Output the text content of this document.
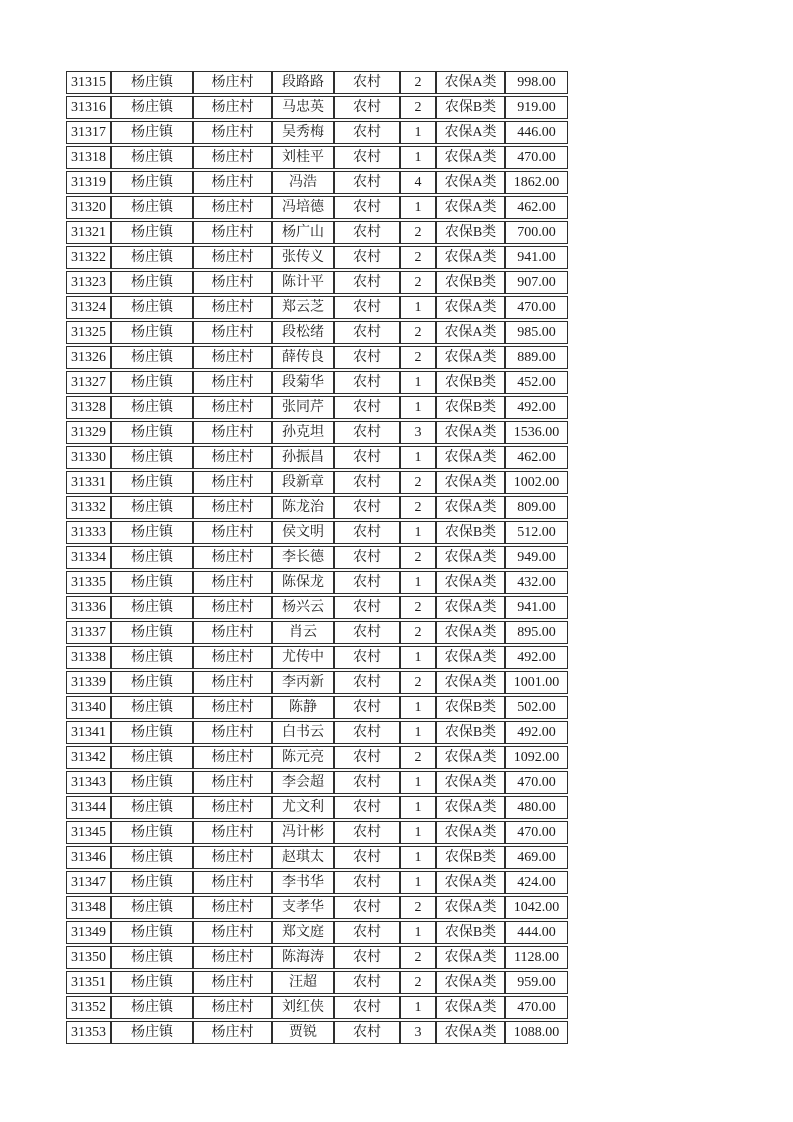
31315	杨庄镇	杨庄村	段路路	农村	2	农保A类	998.00
31316	杨庄镇	杨庄村	马忠英	农村	2	农保B类	919.00
31317	杨庄镇	杨庄村	吴秀梅	农村	1	农保A类	446.00
31318	杨庄镇	杨庄村	刘桂平	农村	1	农保A类	470.00
31319	杨庄镇	杨庄村	冯浩	农村	4	农保A类	1862.00
31320	杨庄镇	杨庄村	冯培德	农村	1	农保A类	462.00
31321	杨庄镇	杨庄村	杨广山	农村	2	农保B类	700.00
31322	杨庄镇	杨庄村	张传义	农村	2	农保A类	941.00
31323	杨庄镇	杨庄村	陈计平	农村	2	农保B类	907.00
31324	杨庄镇	杨庄村	郑云芝	农村	1	农保A类	470.00
31325	杨庄镇	杨庄村	段松绪	农村	2	农保A类	985.00
31326	杨庄镇	杨庄村	薛传良	农村	2	农保A类	889.00
31327	杨庄镇	杨庄村	段菊华	农村	1	农保B类	452.00
31328	杨庄镇	杨庄村	张同芹	农村	1	农保B类	492.00
31329	杨庄镇	杨庄村	孙克坦	农村	3	农保A类	1536.00
31330	杨庄镇	杨庄村	孙振昌	农村	1	农保A类	462.00
31331	杨庄镇	杨庄村	段新章	农村	2	农保A类	1002.00
31332	杨庄镇	杨庄村	陈龙治	农村	2	农保A类	809.00
31333	杨庄镇	杨庄村	侯文明	农村	1	农保B类	512.00
31334	杨庄镇	杨庄村	李长德	农村	2	农保A类	949.00
31335	杨庄镇	杨庄村	陈保龙	农村	1	农保A类	432.00
31336	杨庄镇	杨庄村	杨兴云	农村	2	农保A类	941.00
31337	杨庄镇	杨庄村	肖云	农村	2	农保A类	895.00
31338	杨庄镇	杨庄村	尤传中	农村	1	农保A类	492.00
31339	杨庄镇	杨庄村	李丙新	农村	2	农保A类	1001.00
31340	杨庄镇	杨庄村	陈静	农村	1	农保B类	502.00
31341	杨庄镇	杨庄村	白书云	农村	1	农保B类	492.00
31342	杨庄镇	杨庄村	陈元亮	农村	2	农保A类	1092.00
31343	杨庄镇	杨庄村	李会超	农村	1	农保A类	470.00
31344	杨庄镇	杨庄村	尤文利	农村	1	农保A类	480.00
31345	杨庄镇	杨庄村	冯计彬	农村	1	农保A类	470.00
31346	杨庄镇	杨庄村	赵琪太	农村	1	农保B类	469.00
31347	杨庄镇	杨庄村	李书华	农村	1	农保A类	424.00
31348	杨庄镇	杨庄村	支孝华	农村	2	农保A类	1042.00
31349	杨庄镇	杨庄村	郑文庭	农村	1	农保B类	444.00
31350	杨庄镇	杨庄村	陈海涛	农村	2	农保A类	1128.00
31351	杨庄镇	杨庄村	汪超	农村	2	农保A类	959.00
31352	杨庄镇	杨庄村	刘红侠	农村	1	农保A类	470.00
31353	杨庄镇	杨庄村	贾锐	农村	3	农保A类	1088.00
